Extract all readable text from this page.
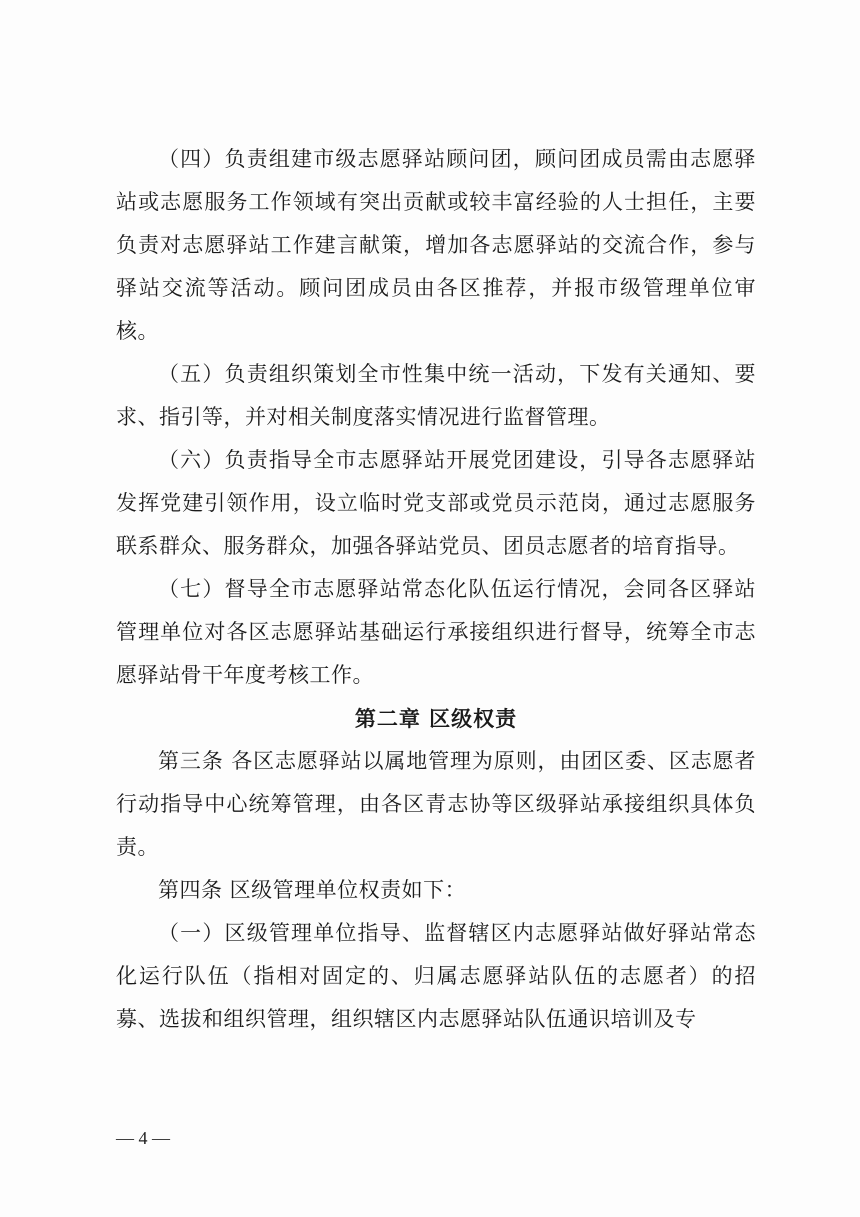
（四）负责组建市级志愿驿站顾问团，顾问团成员需由志愿驿站或志愿服务工作领域有突出贡献或较丰富经验的人士担任，主要负责对志愿驿站工作建言献策，增加各志愿驿站的交流合作，参与驿站交流等活动。顾问团成员由各区推荐，并报市级管理单位审核。

（五）负责组织策划全市性集中统一活动，下发有关通知、要求、指引等，并对相关制度落实情况进行监督管理。

（六）负责指导全市志愿驿站开展党团建设，引导各志愿驿站发挥党建引领作用，设立临时党支部或党员示范岗，通过志愿服务联系群众、服务群众，加强各驿站党员、团员志愿者的培育指导。

（七）督导全市志愿驿站常态化队伍运行情况，会同各区驿站管理单位对各区志愿驿站基础运行承接组织进行督导，统筹全市志愿驿站骨干年度考核工作。

第二章 区级权责

第三条 各区志愿驿站以属地管理为原则，由团区委、区志愿者行动指导中心统筹管理，由各区青志协等区级驿站承接组织具体负责。

第四条 区级管理单位权责如下：

（一）区级管理单位指导、监督辖区内志愿驿站做好驿站常态化运行队伍（指相对固定的、归属志愿驿站队伍的志愿者）的招募、选拔和组织管理，组织辖区内志愿驿站队伍通识培训及专

— 4 —
